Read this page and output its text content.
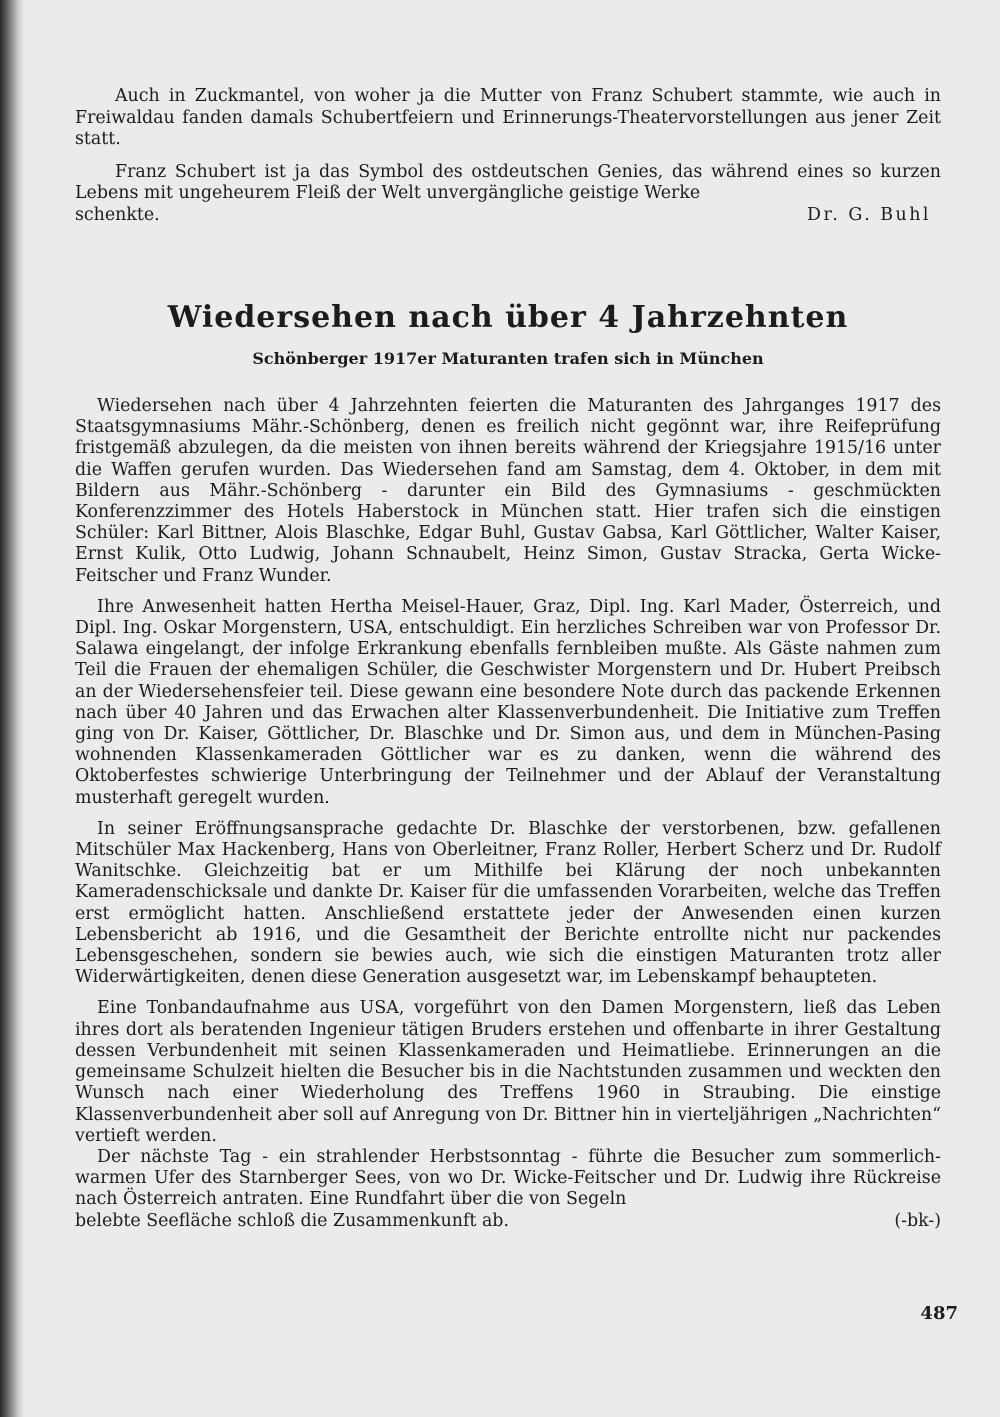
Auch in Zuckmantel, von woher ja die Mutter von Franz Schubert stammte, wie auch in Freiwaldau fanden damals Schubertfeiern und Erinnerungs-Theatervorstellungen aus jener Zeit statt.

Franz Schubert ist ja das Symbol des ostdeutschen Genies, das während eines so kurzen Lebens mit ungeheurem Fleiß der Welt unvergängliche geistige Werke

schenkte.	Dr. G. Buhl
Wiedersehen nach über 4 Jahrzehnten
Schönberger 1917er Maturanten trafen sich in München

Wiedersehen nach über 4 Jahrzehnten feierten die Maturanten des Jahrganges 1917 des Staatsgymnasiums Mähr.-Schönberg, denen es freilich nicht gegönnt war, ihre Reifeprüfung fristgemäß abzulegen, da die meisten von ihnen bereits während der Kriegsjahre 1915/16 unter die Waffen gerufen wurden. Das Wiedersehen fand am Samstag, dem 4. Oktober, in dem mit Bildern aus Mähr.-Schönberg - darunter ein Bild des Gymnasiums - geschmückten Konferenzzimmer des Hotels Haberstock in München statt. Hier trafen sich die einstigen Schüler: Karl Bittner, Alois Blaschke, Edgar Buhl, Gustav Gabsa, Karl Göttlicher, Walter Kaiser, Ernst Kulik, Otto Ludwig, Johann Schnaubelt, Heinz Simon, Gustav Stracka, Gerta Wicke-Feitscher und Franz Wunder.

Ihre Anwesenheit hatten Hertha Meisel-Hauer, Graz, Dipl. Ing. Karl Mader, Österreich, und Dipl. Ing. Oskar Morgenstern, USA, entschuldigt. Ein herzliches Schreiben war von Professor Dr. Salawa eingelangt, der infolge Erkrankung ebenfalls fernbleiben mußte. Als Gäste nahmen zum Teil die Frauen der ehemaligen Schüler, die Geschwister Morgenstern und Dr. Hubert Preibsch an der Wiedersehensfeier teil. Diese gewann eine besondere Note durch das packende Erkennen nach über 40 Jahren und das Erwachen alter Klassenverbundenheit. Die Initiative zum Treffen ging von Dr. Kaiser, Göttlicher, Dr. Blaschke und Dr. Simon aus, und dem in München-Pasing wohnenden Klassenkameraden Göttlicher war es zu danken, wenn die während des Oktoberfestes schwierige Unterbringung der Teilnehmer und der Ablauf der Veranstaltung musterhaft geregelt wurden.

In seiner Eröffnungsansprache gedachte Dr. Blaschke der verstorbenen, bzw. gefallenen Mitschüler Max Hackenberg, Hans von Oberleitner, Franz Roller, Herbert Scherz und Dr. Rudolf Wanitschke. Gleichzeitig bat er um Mithilfe bei Klärung der noch unbekannten Kameradenschicksale und dankte Dr. Kaiser für die umfassenden Vorarbeiten, welche das Treffen erst ermöglicht hatten. Anschließend erstattete jeder der Anwesenden einen kurzen Lebensbericht ab 1916, und die Gesamtheit der Berichte entrollte nicht nur packendes Lebensgeschehen, sondern sie bewies auch, wie sich die einstigen Maturanten trotz aller Widerwärtigkeiten, denen diese Generation ausgesetzt war, im Lebenskampf behaupteten.

Eine Tonbandaufnahme aus USA, vorgeführt von den Damen Morgenstern, ließ das Leben ihres dort als beratenden Ingenieur tätigen Bruders erstehen und offenbarte in ihrer Gestaltung dessen Verbundenheit mit seinen Klassenkameraden und Heimatliebe. Erinnerungen an die gemeinsame Schulzeit hielten die Besucher bis in die Nachtstunden zusammen und weckten den Wunsch nach einer Wiederholung des Treffens 1960 in Straubing. Die einstige Klassenverbundenheit aber soll auf Anregung von Dr. Bittner hin in vierteljährigen „Nachrichten“ vertieft werden.

Der nächste Tag - ein strahlender Herbstsonntag - führte die Besucher zum sommerlich-warmen Ufer des Starnberger Sees, von wo Dr. Wicke-Feitscher und Dr. Ludwig ihre Rückreise nach Österreich antraten. Eine Rundfahrt über die von Segeln

belebte Seefläche schloß die Zusammenkunft ab.	(-bk-)
487
